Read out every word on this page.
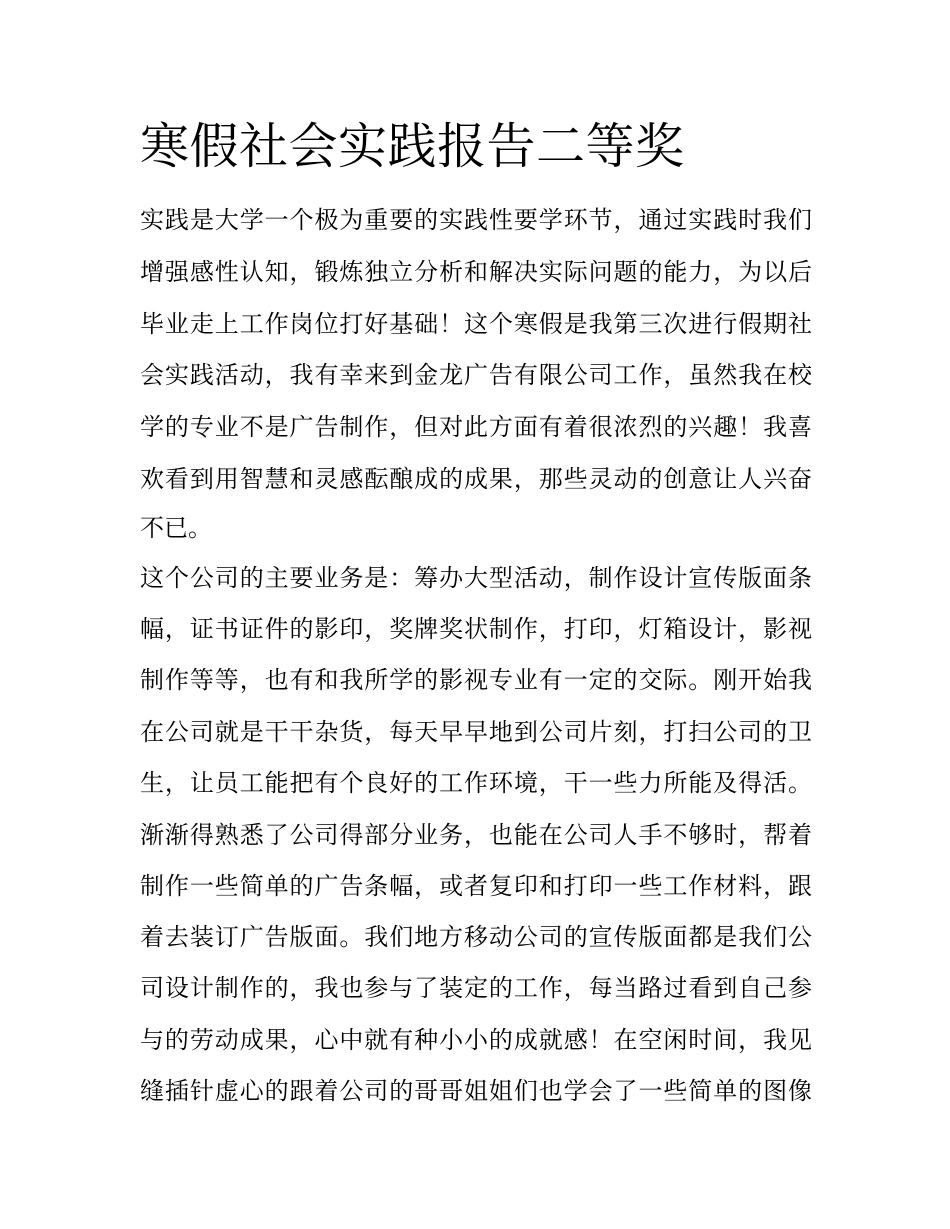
寒假社会实践报告二等奖
实践是大学一个极为重要的实践性要学环节，通过实践时我们
增强感性认知，锻炼独立分析和解决实际问题的能力，为以后
毕业走上工作岗位打好基础！这个寒假是我第三次进行假期社
会实践活动，我有幸来到金龙广告有限公司工作，虽然我在校
学的专业不是广告制作，但对此方面有着很浓烈的兴趣！我喜
欢看到用智慧和灵感酝酿成的成果，那些灵动的创意让人兴奋
不已。
这个公司的主要业务是：筹办大型活动，制作设计宣传版面条
幅，证书证件的影印，奖牌奖状制作，打印，灯箱设计，影视
制作等等，也有和我所学的影视专业有一定的交际。刚开始我
在公司就是干干杂货，每天早早地到公司片刻，打扫公司的卫
生，让员工能把有个良好的工作环境，干一些力所能及得活。
渐渐得熟悉了公司得部分业务，也能在公司人手不够时，帮着
制作一些简单的广告条幅，或者复印和打印一些工作材料，跟
着去装订广告版面。我们地方移动公司的宣传版面都是我们公
司设计制作的，我也参与了装定的工作，每当路过看到自己参
与的劳动成果，心中就有种小小的成就感！在空闲时间，我见
缝插针虚心的跟着公司的哥哥姐姐们也学会了一些简单的图像
